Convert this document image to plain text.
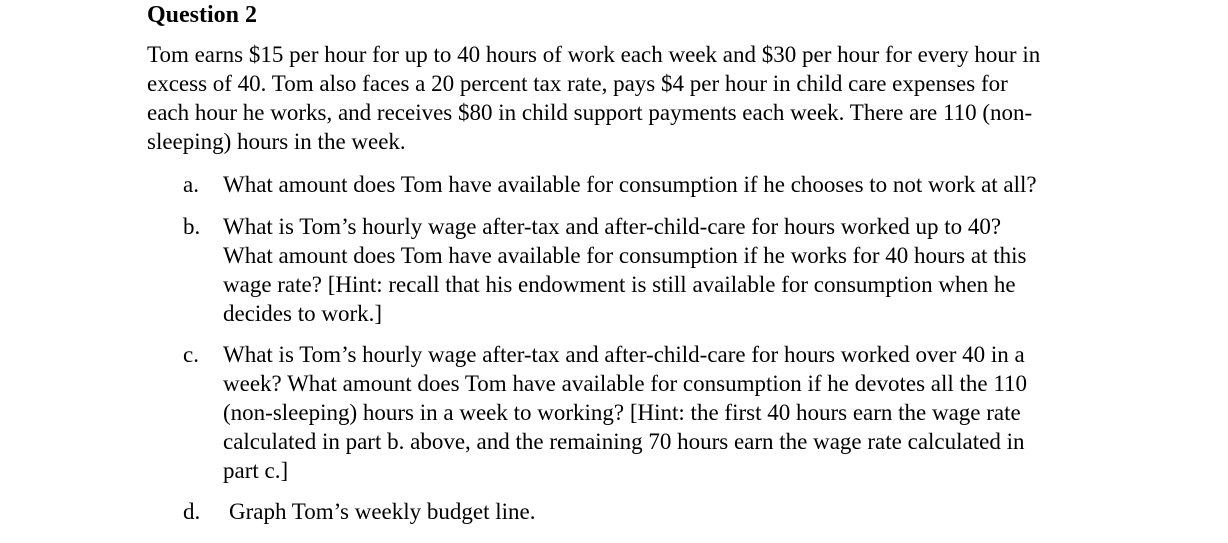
Question 2
Tom earns $15 per hour for up to 40 hours of work each week and $30 per hour for every hour in
excess of 40. Tom also faces a 20 percent tax rate, pays $4 per hour in child care expenses for
each hour he works, and receives $80 in child support payments each week. There are 110 (non-
sleeping) hours in the week.
a.	What amount does Tom have available for consumption if he chooses to not work at all?
b. What is Tom’s hourly wage after-tax and after-child-care for hours worked up to 40?
What amount does Tom have available for consumption if he works for 40 hours at this
wage rate? [Hint: recall that his endowment is still available for consumption when he
decides to work.]
c.	What is Tom’s hourly wage after-tax and after-child-care for hours worked over 40 in a
week? What amount does Tom have available for consumption if he devotes all the 110
(non-sleeping) hours in a week to working? [Hint: the first 40 hours earn the wage rate
calculated in part b. above, and the remaining 70 hours earn the wage rate calculated in
part c.]
d.	Graph Tom’s weekly budget line.
